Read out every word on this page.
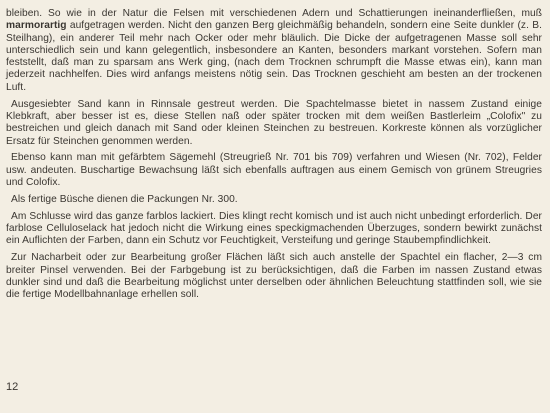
bleiben. So wie in der Natur die Felsen mit verschiedenen Adern und Schattierungen ineinanderfließen, muß marmorartig aufgetragen werden. Nicht den ganzen Berg gleichmäßig behandeln, sondern eine Seite dunkler (z. B. Steilhang), ein anderer Teil mehr nach Ocker oder mehr bläulich. Die Dicke der aufgetragenen Masse soll sehr unterschiedlich sein und kann gelegentlich, insbesondere an Kanten, besonders markant vorstehen. Sofern man feststellt, daß man zu sparsam ans Werk ging, (nach dem Trocknen schrumpft die Masse etwas ein), kann man jederzeit nachhelfen. Dies wird anfangs meistens nötig sein. Das Trocknen geschieht am besten an der trockenen Luft.

Ausgesiebter Sand kann in Rinnsale gestreut werden. Die Spachtelmasse bietet in nassem Zustand einige Klebkraft, aber besser ist es, diese Stellen naß oder später trocken mit dem weißen Bastlerleim „Colofix" zu bestreichen und gleich danach mit Sand oder kleinen Steinchen zu bestreuen. Korkreste können als vorzüglicher Ersatz für Steinchen genommen werden.

Ebenso kann man mit gefärbtem Sägemehl (Streugrieß Nr. 701 bis 709) verfahren und Wiesen (Nr. 702), Felder usw. andeuten. Buschartige Bewachsung läßt sich ebenfalls auftragen aus einem Gemisch von grünem Streugries und Colofix.

Als fertige Büsche dienen die Packungen Nr. 300.

Am Schlusse wird das ganze farblos lackiert. Dies klingt recht komisch und ist auch nicht unbedingt erforderlich. Der farblose Celluloselack hat jedoch nicht die Wirkung eines speckigmachenden Überzuges, sondern bewirkt zunächst ein Auflichten der Farben, dann ein Schutz vor Feuchtigkeit, Versteifung und geringe Staubempfindlichkeit.

Zur Nacharbeit oder zur Bearbeitung großer Flächen läßt sich auch anstelle der Spachtel ein flacher, 2—3 cm breiter Pinsel verwenden. Bei der Farbgebung ist zu berücksichtigen, daß die Farben im nassen Zustand etwas dunkler sind und daß die Bearbeitung möglichst unter derselben oder ähnlichen Beleuchtung stattfinden soll, wie sie die fertige Modellbahnanlage erhellen soll.

12
